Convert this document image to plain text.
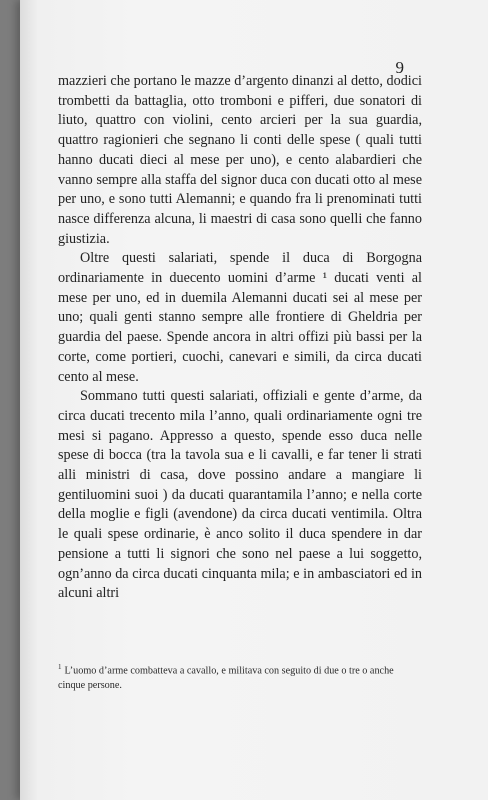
9

mazzieri che portano le mazze d’argento dinanzi al detto, dodici trombetti da battaglia, otto tromboni e pifferi, due sonatori di liuto, quattro con violini, cento arcieri per la sua guardia, quattro ragionieri che segnano li conti delle spese ( quali tutti hanno ducati dieci al mese per uno), e cento alabardieri che vanno sempre alla staffa del signor duca con ducati otto al mese per uno, e sono tutti Alemanni; e quando fra li prenominati tutti nasce differenza alcuna, li maestri di casa sono quelli che fanno giustizia.

Oltre questi salariati, spende il duca di Borgogna ordinariamente in duecento uomini d’arme ¹ ducati venti al mese per uno, ed in duemila Alemanni ducati sei al mese per uno; quali genti stanno sempre alle frontiere di Gheldria per guardia del paese. Spende ancora in altri offizi più bassi per la corte, come portieri, cuochi, canevari e simili, da circa ducati cento al mese.

Sommano tutti questi salariati, offiziali e gente d’arme, da circa ducati trecento mila l’anno, quali ordinariamente ogni tre mesi si pagano. Appresso a questo, spende esso duca nelle spese di bocca (tra la tavola sua e li cavalli, e far tener li strati alli ministri di casa, dove possino andare a mangiare li gentiluomini suoi ) da ducati quarantamila l’anno; e nella corte della moglie e figli (avendone) da circa ducati ventimila. Oltra le quali spese ordinarie, è anco solito il duca spendere in dar pensione a tutti li signori che sono nel paese a lui soggetto, ogn’anno da circa ducati cinquanta mila; e in ambasciatori ed in alcuni altri

$^1$ L’uomo d’arme combatteva a cavallo, e militava con seguito di due o tre o anche cinque persone.
